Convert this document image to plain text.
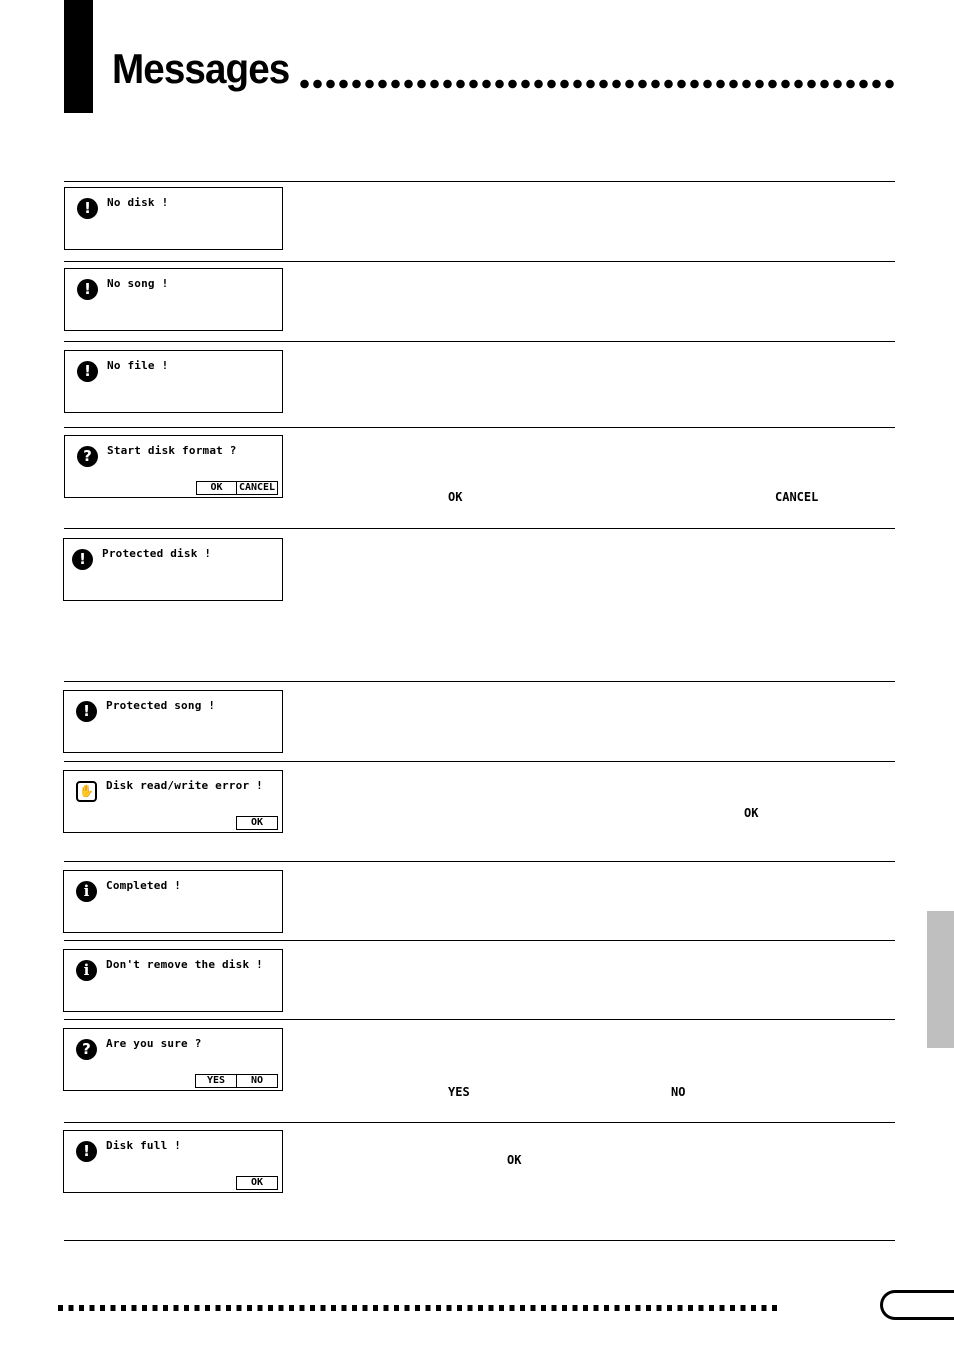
Messages
!	No disk !
!	No song !
!	No file !
?	Start disk format ?
OK	CANCEL
OK	CANCEL
!	Protected disk !
!	Protected song !
✋ Disk read/write error !
OK
OK
i	Completed !
i	Don't remove the disk !
?	Are you sure ?
YES	NO
YES	NO
!	Disk full !
OK
OK
